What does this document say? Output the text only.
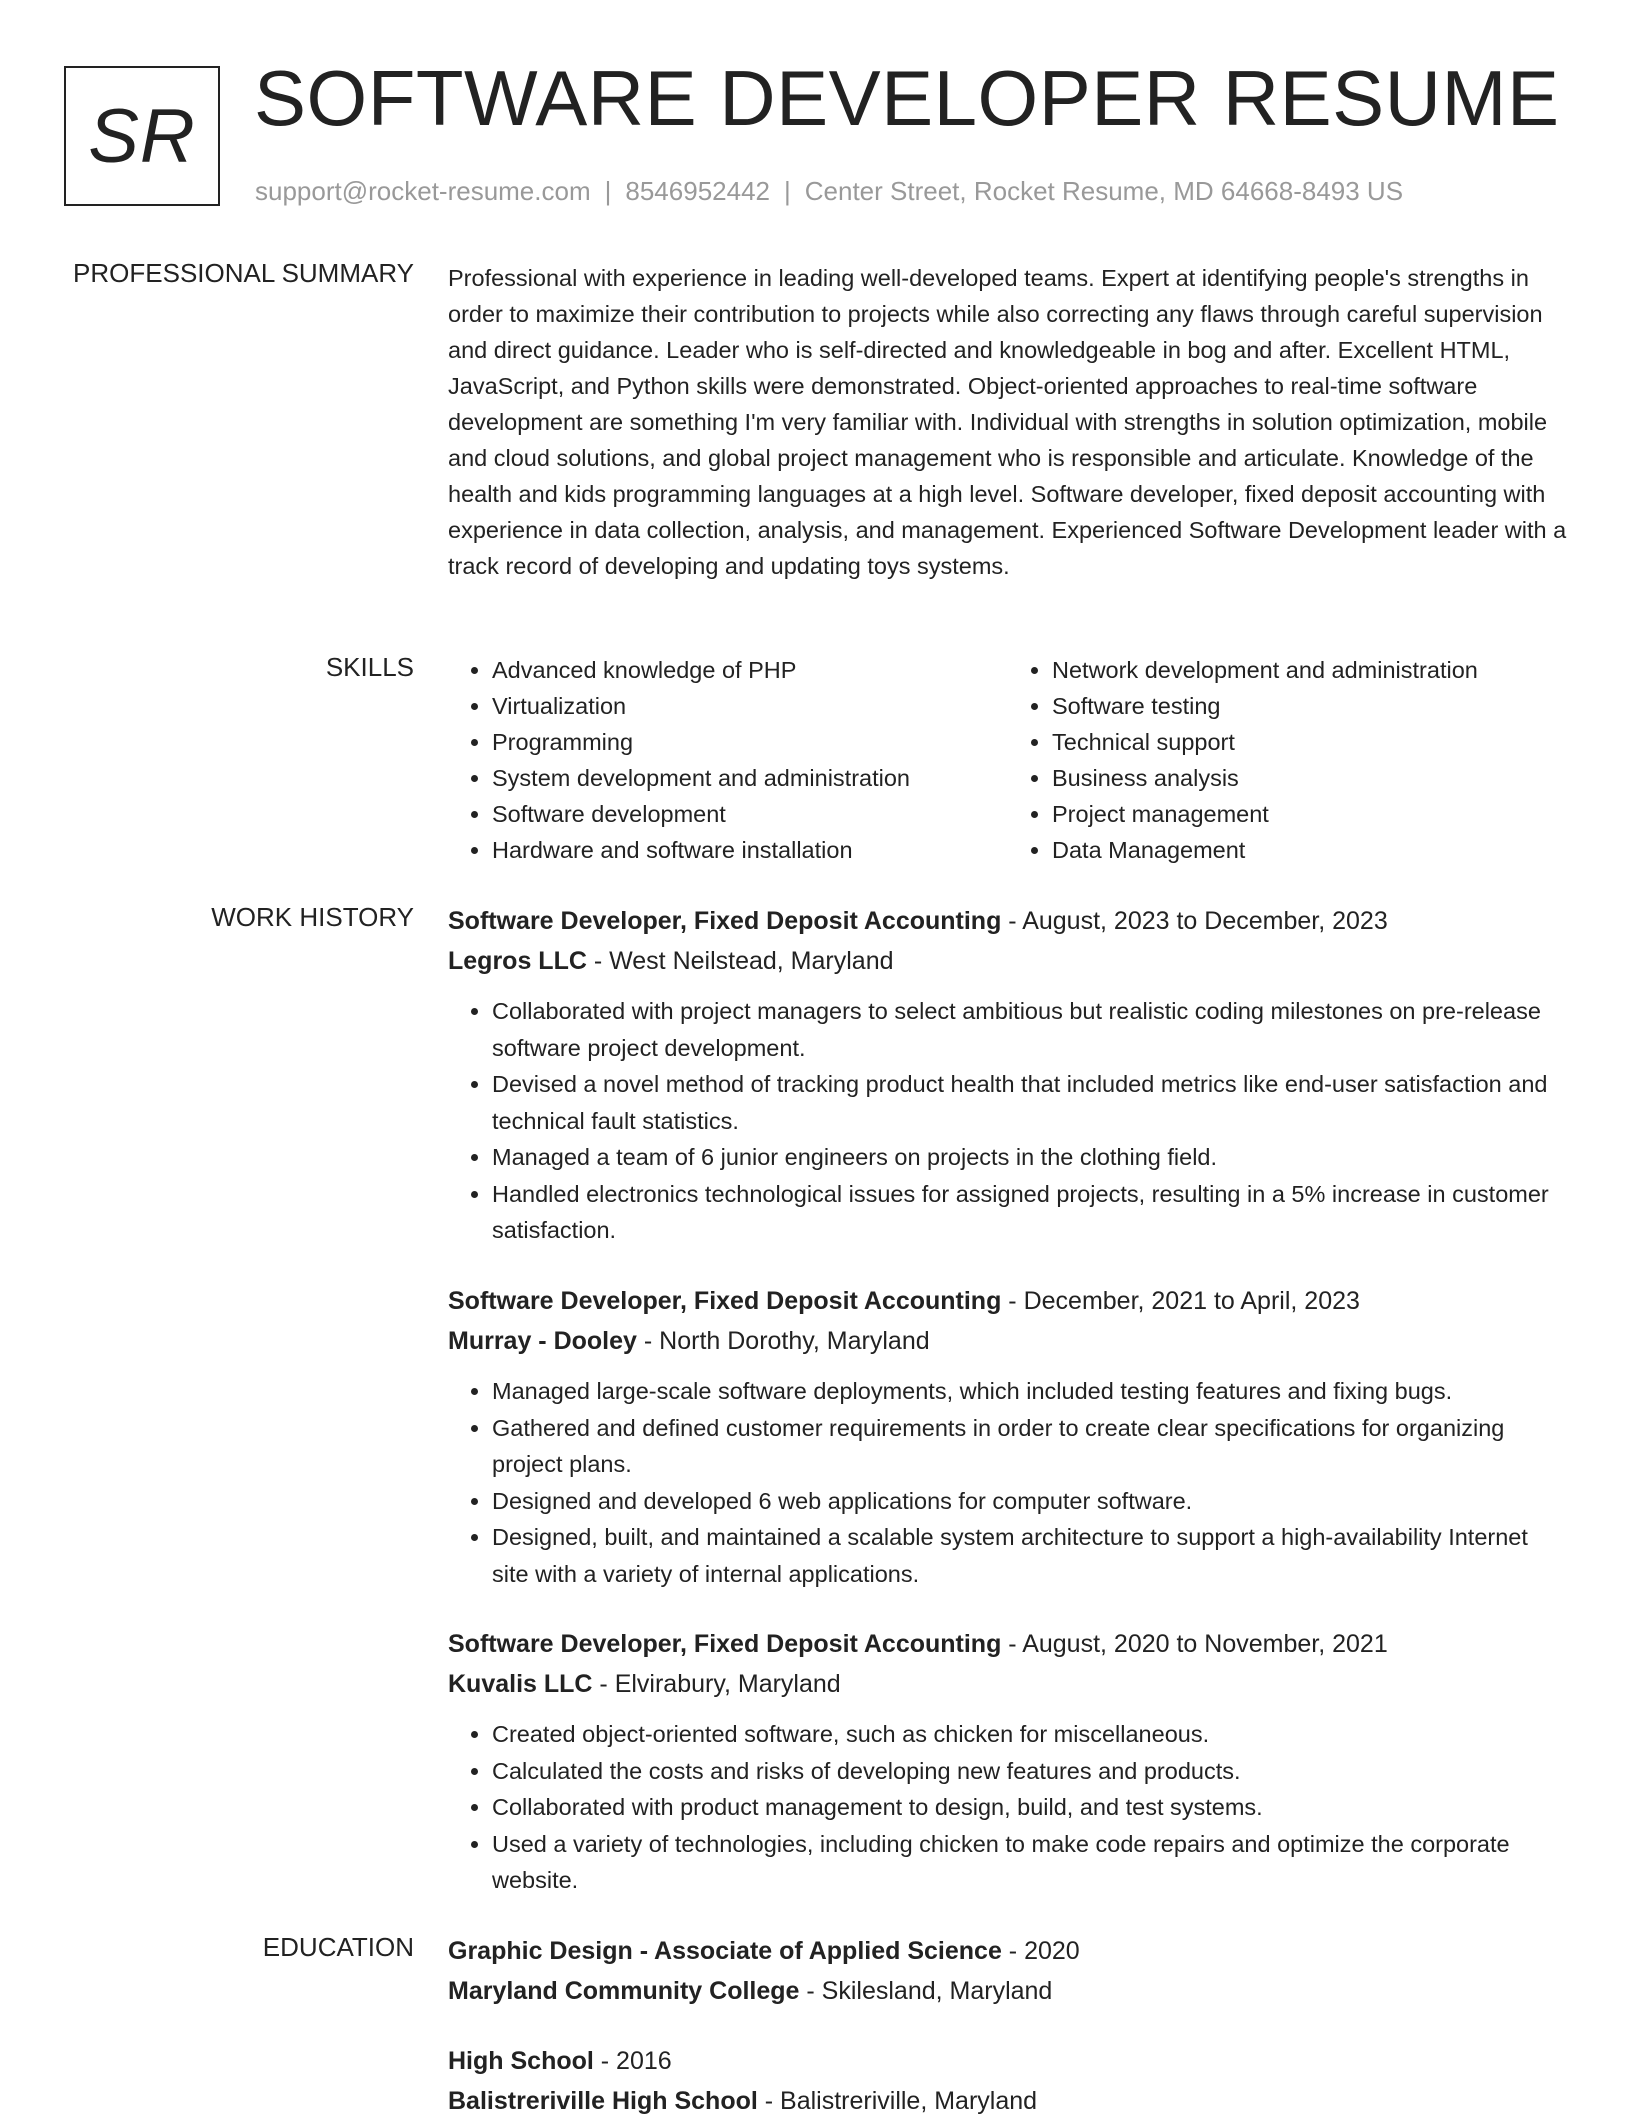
SR SOFTWARE DEVELOPER RESUME
support@rocket-resume.com | 8546952442 | Center Street, Rocket Resume, MD 64668-8493 US
PROFESSIONAL SUMMARY Professional with experience in leading well-developed teams. Expert at identifying people's strengths in order to maximize their contribution to projects while also correcting any flaws through careful supervision and direct guidance. Leader who is self-directed and knowledgeable in bog and after. Excellent HTML, JavaScript, and Python skills were demonstrated. Object-oriented approaches to real-time software development are something I'm very familiar with. Individual with strengths in solution optimization, mobile and cloud solutions, and global project management who is responsible and articulate. Knowledge of the health and kids programming languages at a high level. Software developer, fixed deposit accounting with experience in data collection, analysis, and management. Experienced Software Development leader with a track record of developing and updating toys systems.
SKILLS
•	Advanced knowledge of PHP
• Virtualization
• Programming
• System development and administration
• Software development
• Hardware and software installation
• Network development and administration
• Software testing
• Technical support
• Business analysis
• Project management
• Data Management
WORK HISTORY Software Developer, Fixed Deposit Accounting - August, 2023 to December, 2023
Legros LLC - West Neilstead, Maryland
• Collaborated with project managers to select ambitious but realistic coding milestones on pre-release software project development.
• Devised a novel method of tracking product health that included metrics like end-user satisfaction and technical fault statistics.
• Managed a team of 6 junior engineers on projects in the clothing field.
• Handled electronics technological issues for assigned projects, resulting in a 5% increase in customer satisfaction.
Software Developer, Fixed Deposit Accounting - December, 2021 to April, 2023
Murray - Dooley - North Dorothy, Maryland
• Managed large-scale software deployments, which included testing features and fixing bugs.
• Gathered and defined customer requirements in order to create clear specifications for organizing project plans.
• Designed and developed 6 web applications for computer software.
• Designed, built, and maintained a scalable system architecture to support a high-availability Internet site with a variety of internal applications.
Software Developer, Fixed Deposit Accounting - August, 2020 to November, 2021
Kuvalis LLC - Elvirabury, Maryland
• Created object-oriented software, such as chicken for miscellaneous.
• Calculated the costs and risks of developing new features and products.
• Collaborated with product management to design, build, and test systems.
• Used a variety of technologies, including chicken to make code repairs and optimize the corporate website.
EDUCATION Graphic Design - Associate of Applied Science - 2020
Maryland Community College - Skilesland, Maryland
High School - 2016
Balistreriville High School - Balistreriville, Maryland
